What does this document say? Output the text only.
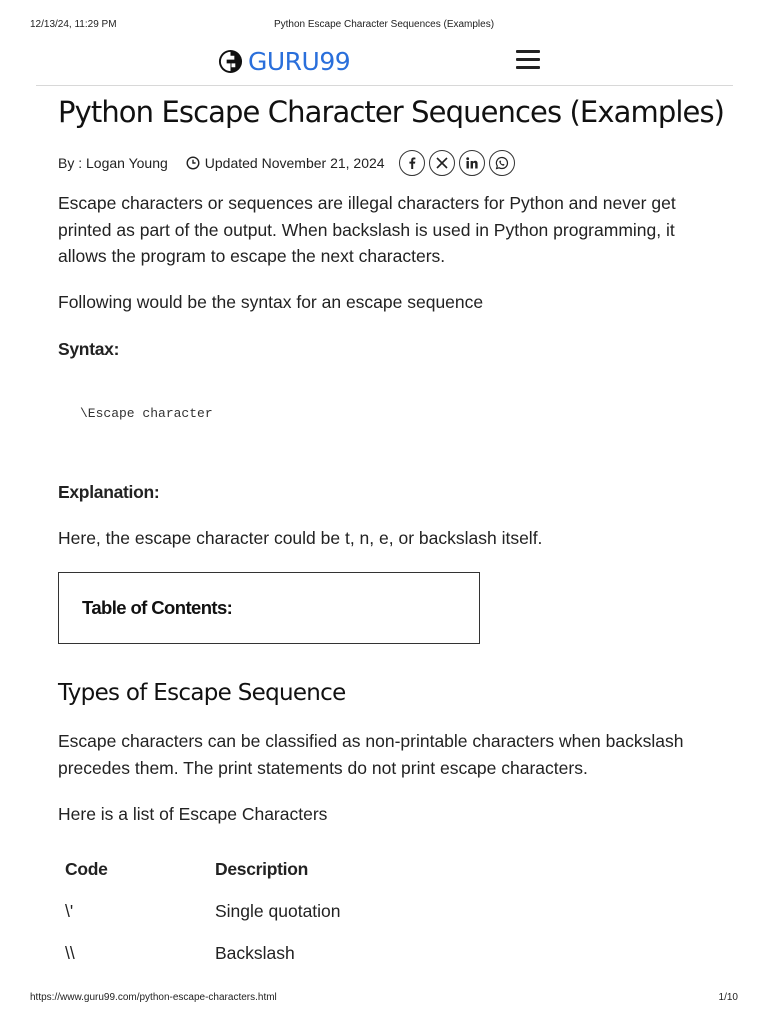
12/13/24, 11:29 PM	Python Escape Character Sequences (Examples)
GURU99
Python Escape Character Sequences (Examples)
By : Logan Young	Updated November 21, 2024

Escape characters or sequences are illegal characters for Python and never get printed as part of the output. When backslash is used in Python programming, it allows the program to escape the next characters.

Following would be the syntax for an escape sequence

Syntax:
\Escape character
Explanation:

Here, the escape character could be t, n, e, or backslash itself.

Table of Contents:
Types of Escape Sequence

Escape characters can be classified as non-printable characters when backslash precedes them. The print statements do not print escape characters.

Here is a list of Escape Characters

Code	Description
\'	Single quotation
\\	Backslash
https://www.guru99.com/python-escape-characters.html	1/10
